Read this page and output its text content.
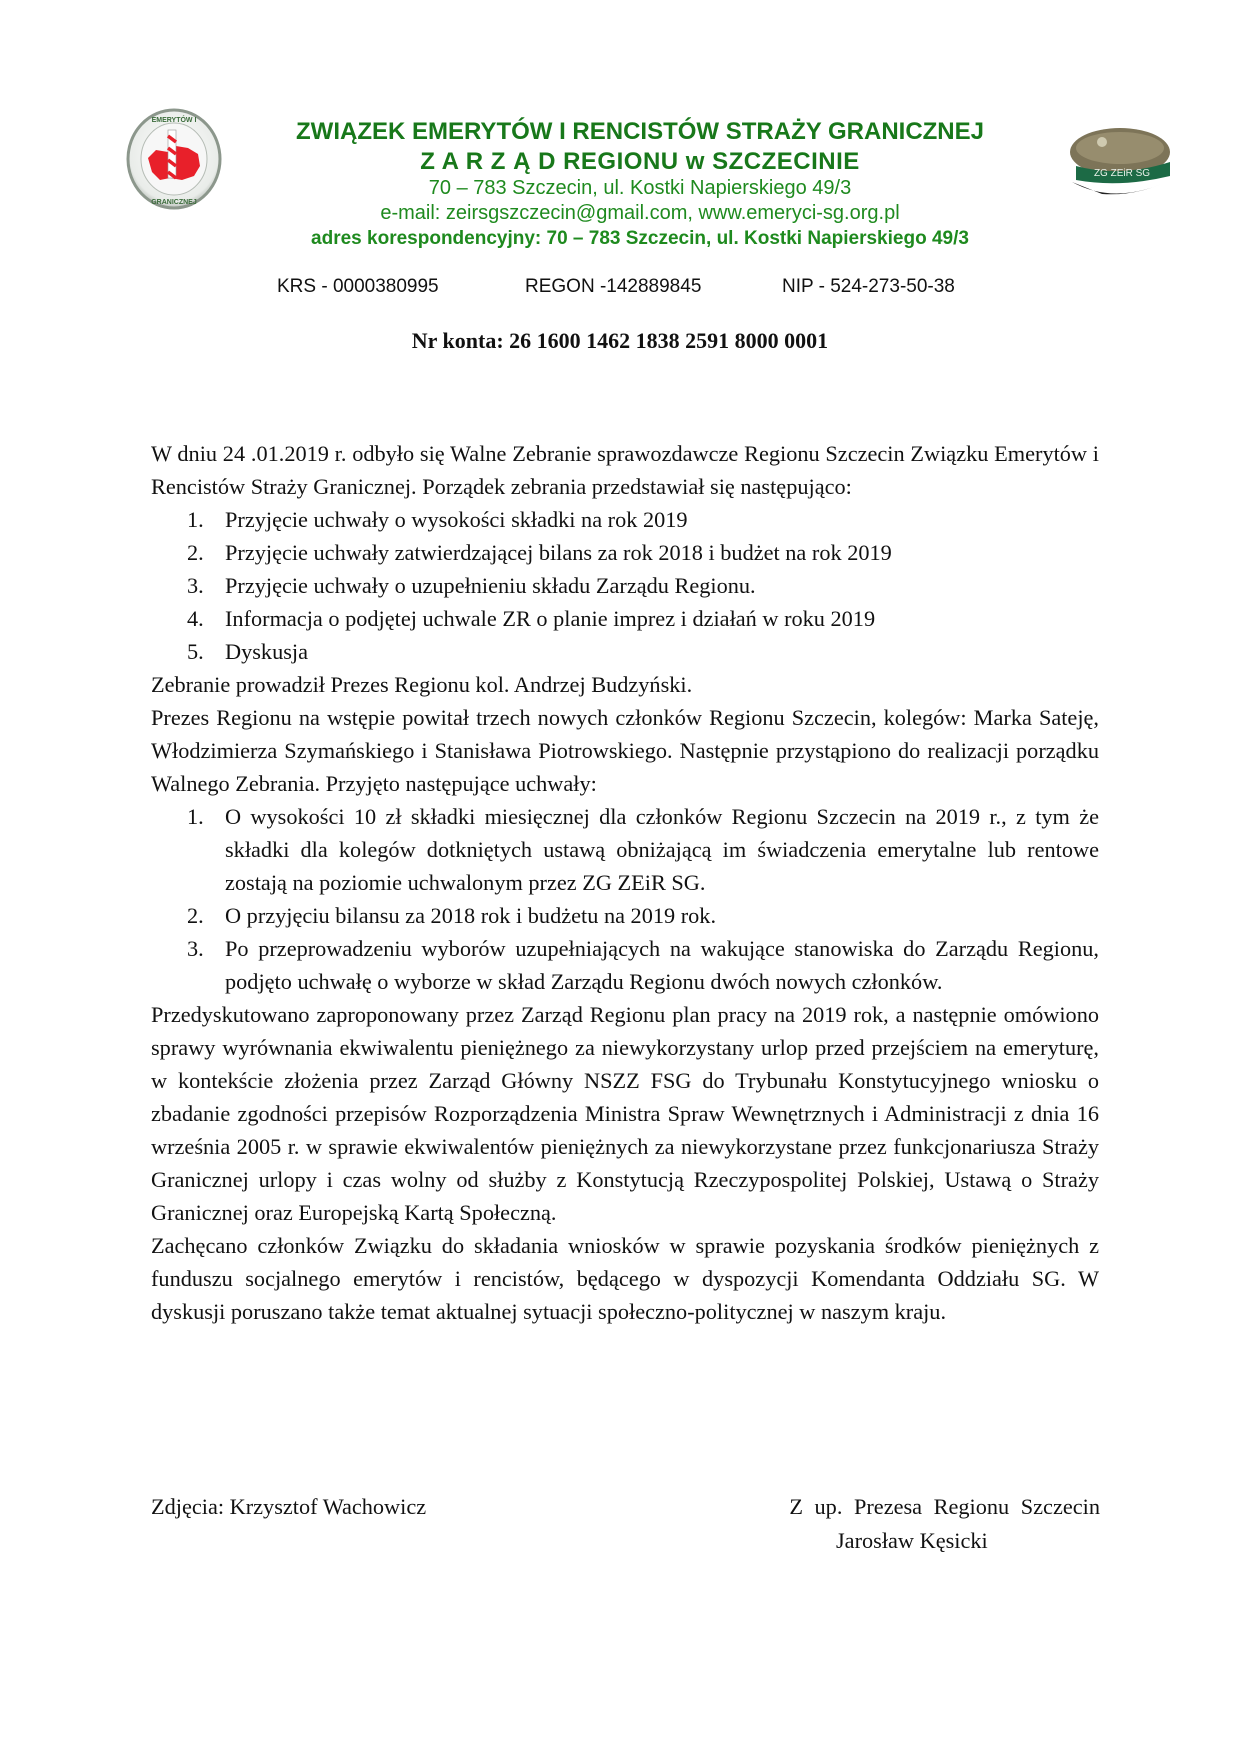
EMERYTÓW I
GRANICZNEJ
ZG ZEiR SG
ZWIĄZEK EMERYTÓW I RENCISTÓW STRAŻY GRANICZNEJ
Z A R Z Ą D REGIONU w SZCZECINIE
70 – 783 Szczecin, ul. Kostki Napierskiego 49/3
e-mail: zeirsgszczecin@gmail.com, www.emeryci-sg.org.pl
adres korespondencyjny: 70 – 783 Szczecin, ul. Kostki Napierskiego 49/3
KRS - 0000380995	REGON -142889845	NIP - 524-273-50-38
Nr konta: 26 1600 1462 1838 2591 8000 0001

W dniu 24 .01.2019 r. odbyło się Walne Zebranie sprawozdawcze Regionu Szczecin Związku Emerytów i Rencistów Straży Granicznej. Porządek zebrania przedstawiał się następująco:

1. Przyjęcie uchwały o wysokości składki na rok 2019
2. Przyjęcie uchwały zatwierdzającej bilans za rok 2018 i budżet na rok 2019
3. Przyjęcie uchwały o uzupełnieniu składu Zarządu Regionu.
4. Informacja o podjętej uchwale ZR o planie imprez i działań w roku 2019
5. Dyskusja

Zebranie prowadził Prezes Regionu kol. Andrzej Budzyński.

Prezes Regionu na wstępie powitał trzech nowych członków Regionu Szczecin, kolegów: Marka Sateję, Włodzimierza Szymańskiego i Stanisława Piotrowskiego. Następnie przystąpiono do realizacji porządku Walnego Zebrania. Przyjęto następujące uchwały:

1. O wysokości 10 zł składki miesięcznej dla członków Regionu Szczecin na 2019 r., z tym że składki dla kolegów dotkniętych ustawą obniżającą im świadczenia emerytalne lub rentowe zostają na poziomie uchwalonym przez ZG ZEiR SG.
2. O przyjęciu bilansu za 2018 rok i budżetu na 2019 rok.
3. Po przeprowadzeniu wyborów uzupełniających na wakujące stanowiska do Zarządu Regionu, podjęto uchwałę o wyborze w skład Zarządu Regionu dwóch nowych członków.

Przedyskutowano zaproponowany przez Zarząd Regionu plan pracy na 2019 rok, a następnie omówiono sprawy wyrównania ekwiwalentu pieniężnego za niewykorzystany urlop przed przejściem na emeryturę, w kontekście złożenia przez Zarząd Główny NSZZ FSG do Trybunału Konstytucyjnego wniosku o zbadanie zgodności przepisów Rozporządzenia Ministra Spraw Wewnętrznych i Administracji z dnia 16 września 2005 r. w sprawie ekwiwalentów pieniężnych za niewykorzystane przez funkcjonariusza Straży Granicznej urlopy i czas wolny od służby z Konstytucją Rzeczypospolitej Polskiej, Ustawą o Straży Granicznej oraz Europejską Kartą Społeczną.

Zachęcano członków Związku do składania wniosków w sprawie pozyskania środków pieniężnych z funduszu socjalnego emerytów i rencistów, będącego w dyspozycji Komendanta Oddziału SG. W dyskusji poruszano także temat aktualnej sytuacji społeczno-politycznej w naszym kraju.

Zdjęcia: Krzysztof Wachowicz	Z up. Prezesa Regionu Szczecin
Jarosław Kęsicki
